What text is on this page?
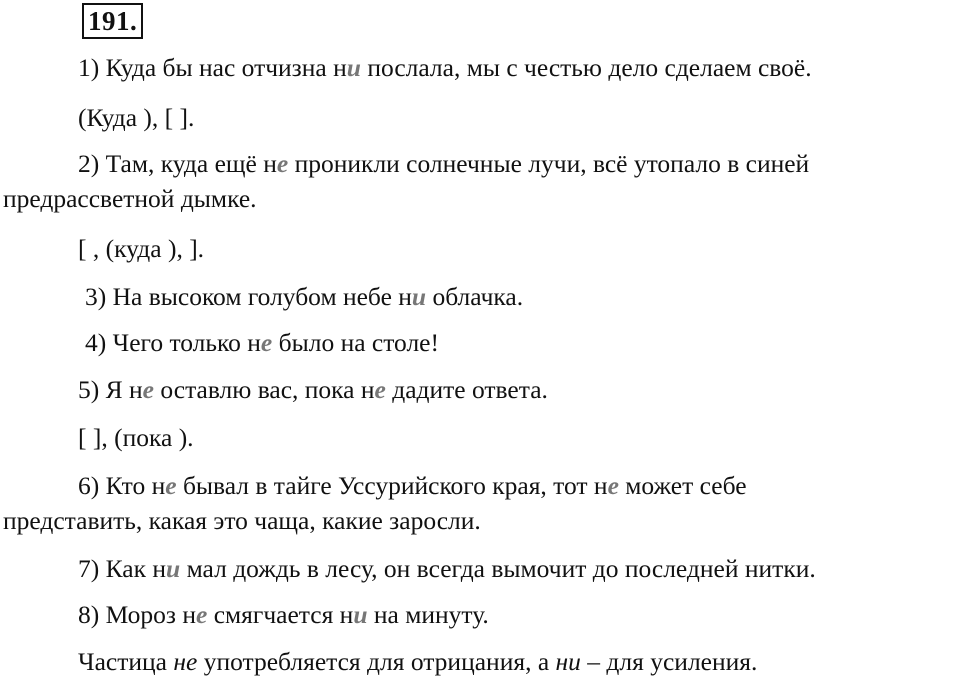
191.
1) Куда бы нас отчизна ни послала, мы с честью дело сделаем своё.
(Куда ), [ ].
2) Там, куда ещё не проникли солнечные лучи, всё утопало в синей
предрассветной дымке.
[ , (куда ), ].
3) На высоком голубом небе ни облачка.
4) Чего только не было на столе!
5) Я не оставлю вас, пока не дадите ответа.
[ ], (пока ).
6) Кто не бывал в тайге Уссурийского края, тот не может себе
представить, какая это чаща, какие заросли.
7) Как ни мал дождь в лесу, он всегда вымочит до последней нитки.
8) Мороз не смягчается ни на минуту.
Частица не употребляется для отрицания, а ни – для усиления.
